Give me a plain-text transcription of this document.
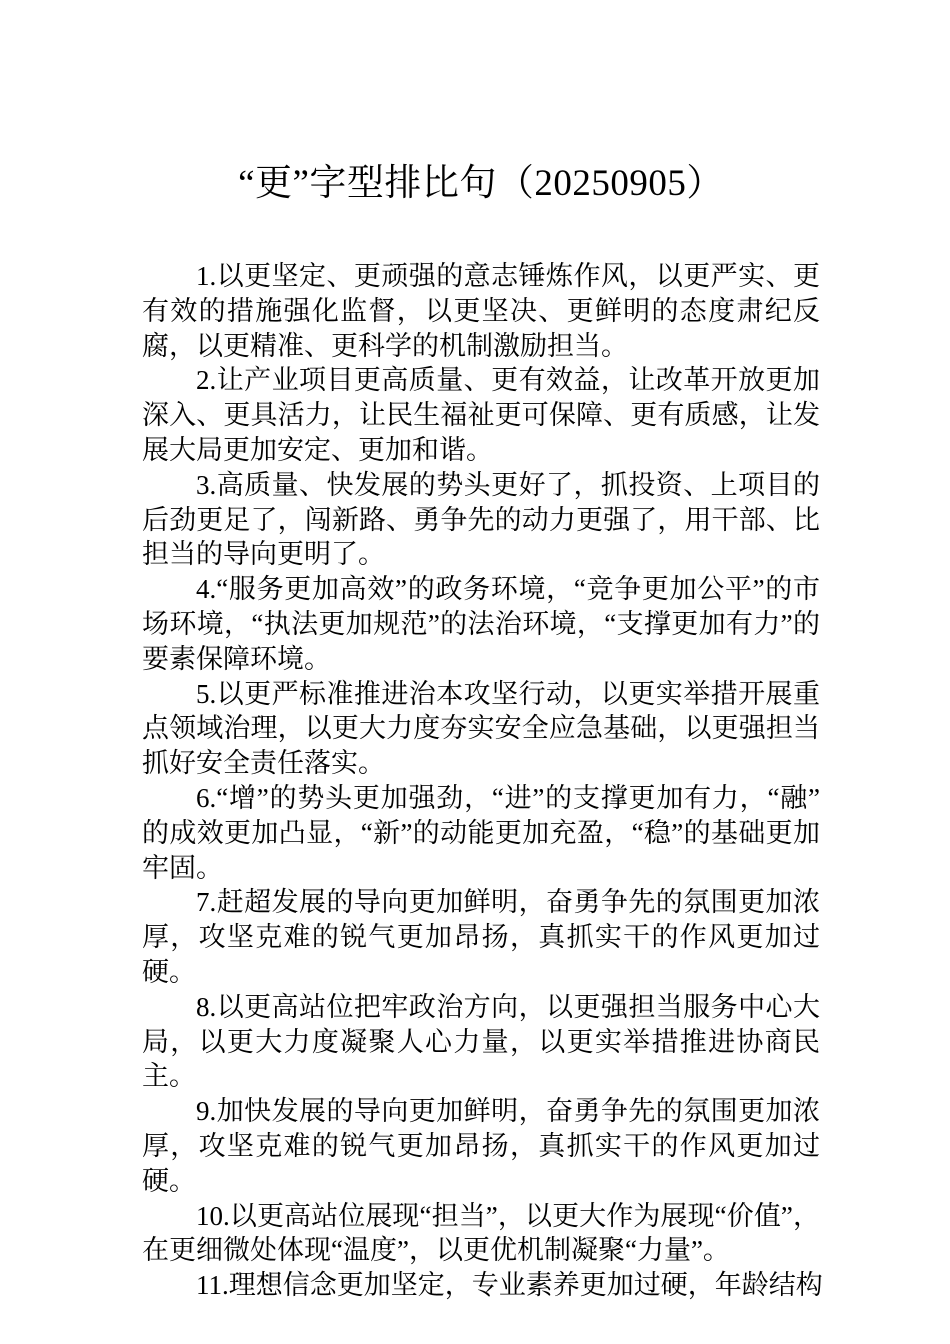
“更”字型排比句（20250905）

1.以更坚定、更顽强的意志锤炼作风，以更严实、更有效的措施强化监督，以更坚决、更鲜明的态度肃纪反腐，以更精准、更科学的机制激励担当。

2.让产业项目更高质量、更有效益，让改革开放更加深入、更具活力，让民生福祉更可保障、更有质感，让发展大局更加安定、更加和谐。

3.高质量、快发展的势头更好了，抓投资、上项目的后劲更足了，闯新路、勇争先的动力更强了，用干部、比担当的导向更明了。

4.“服务更加高效”的政务环境，“竞争更加公平”的市场环境，“执法更加规范”的法治环境，“支撑更加有力”的要素保障环境。

5.以更严标准推进治本攻坚行动，以更实举措开展重点领域治理，以更大力度夯实安全应急基础，以更强担当抓好安全责任落实。

6.“增”的势头更加强劲，“进”的支撑更加有力，“融”的成效更加凸显，“新”的动能更加充盈，“稳”的基础更加牢固。

7.赶超发展的导向更加鲜明，奋勇争先的氛围更加浓厚，攻坚克难的锐气更加昂扬，真抓实干的作风更加过硬。

8.以更高站位把牢政治方向，以更强担当服务中心大局，以更大力度凝聚人心力量，以更实举措推进协商民主。

9.加快发展的导向更加鲜明，奋勇争先的氛围更加浓厚，攻坚克难的锐气更加昂扬，真抓实干的作风更加过硬。

10.以更高站位展现“担当”，以更大作为展现“价值”，在更细微处体现“温度”，以更优机制凝聚“力量”。

11.理想信念更加坚定，专业素养更加过硬，年龄结构
